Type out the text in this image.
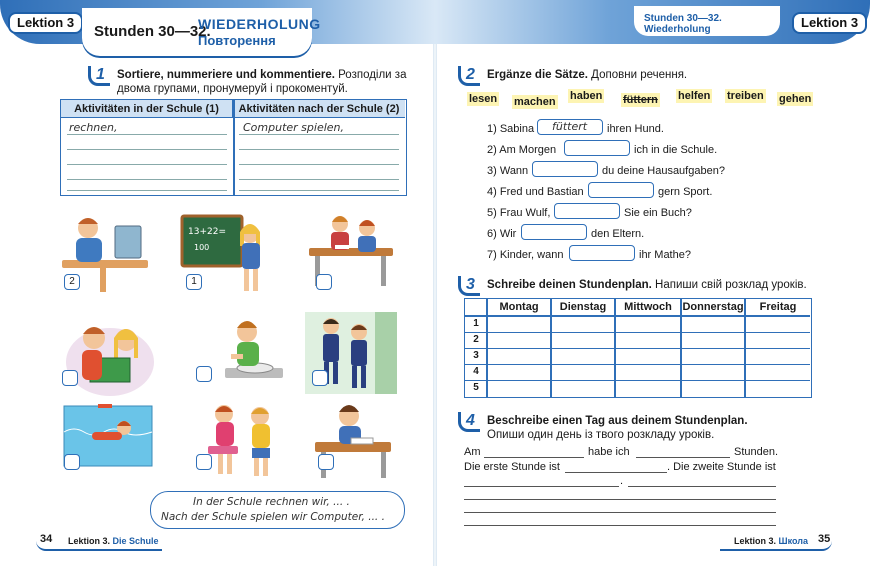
Lektion 3	Lektion 3
Stunden 30—32.
WIEDERHOLUNG
Повторення
Stunden 30—32. Wiederholung
1	Sortiere, nummeriere und kommentiere. Розподіли за двома групами, пронумеруй і прокоментуй.
Aktivitäten in der Schule (1)	Aktivitäten nach der Schule (2)
rechnen,	Computer spielen,
2
13+22=
100
1
In der Schule rechnen wir, ... .
Nach der Schule spielen wir Computer, ... .
34 Lektion 3. Die Schule
2	Ergänze die Sätze. Доповни речення.
lesen machen haben füttern helfen treiben gehen
1) Sabina füttert ihren Hund.
2) Am Morgen	ich in die Schule.
3) Wann	du deine Hausaufgaben?
4) Fred und Bastian	gern Sport.
5) Frau Wulf,	Sie ein Buch?
6) Wir	den Eltern.
7) Kinder, wann	ihr Mathe?
3	Schreibe deinen Stundenplan. Напиши свій розклад уроків.
Montag	Dienstag	Mittwoch Donnerstag	Freitag
1
2
3
4
5
4	Beschreibe einen Tag aus deinem Stundenplan. Опиши один день із твого розкладу уроків.
Am	habe ich	Stunden.
Die erste Stunde ist	. Die zweite Stunde ist
.
Lektion 3. Школа 35
